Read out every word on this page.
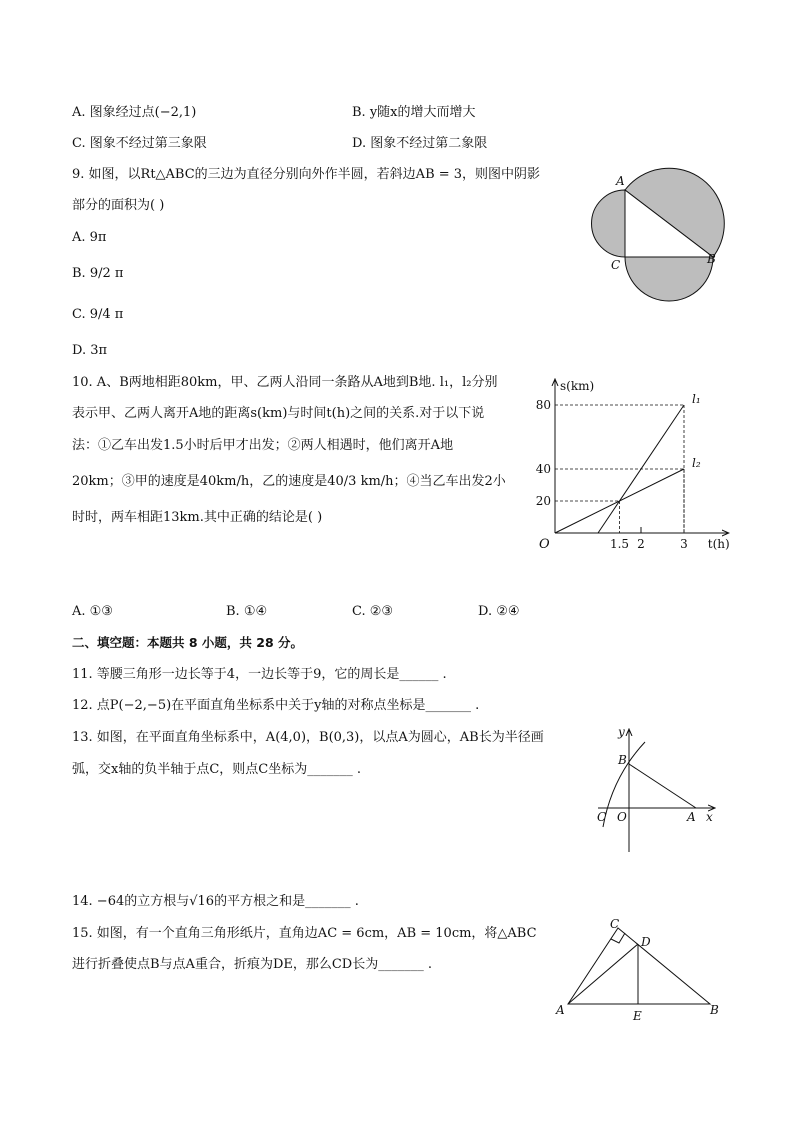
A. 图象经过点(−2,1)	B. y随x的增大而增大
C. 图象不经过第三象限	D. 图象不经过第二象限
9. 如图，以Rt△ABC的三边为直径分别向外作半圆，若斜边AB = 3，则图中阴影
部分的面积为( )
A. 9π
B. 9/2 π
C. 9/4 π
D. 3π
A
C	B
10. A、B两地相距80km，甲、乙两人沿同一条路从A地到B地. l₁，l₂分别
表示甲、乙两人离开A地的距离s(km)与时间t(h)之间的关系.对于以下说
法：①乙车出发1.5小时后甲才出发；②两人相遇时，他们离开A地
20km；③甲的速度是40km/h，乙的速度是40/3 km/h；④当乙车出发2小
时时，两车相距13km.其中正确的结论是( )
l₁
l₂
1.5 2	3
20
40
80
s(km)
t(h)
O
A. ①③	B. ①④	C. ②③	D. ②④
二、填空题：本题共 8 小题，共 28 分。
11. 等腰三角形一边长等于4，一边长等于9，它的周长是______ .
12. 点P(−2,−5)在平面直角坐标系中关于y轴的对称点坐标是_______ .
13. 如图，在平面直角坐标系中，A(4,0)，B(0,3)，以点A为圆心，AB长为半径画
弧，交x轴的负半轴于点C，则点C坐标为_______ .
y
B
C O	A x
14. −64的立方根与√16的平方根之和是_______ .
15. 如图，有一个直角三角形纸片，直角边AC = 6cm，AB = 10cm，将△ABC
进行折叠使点B与点A重合，折痕为DE，那么CD长为_______ .
C
D
A	E	B
